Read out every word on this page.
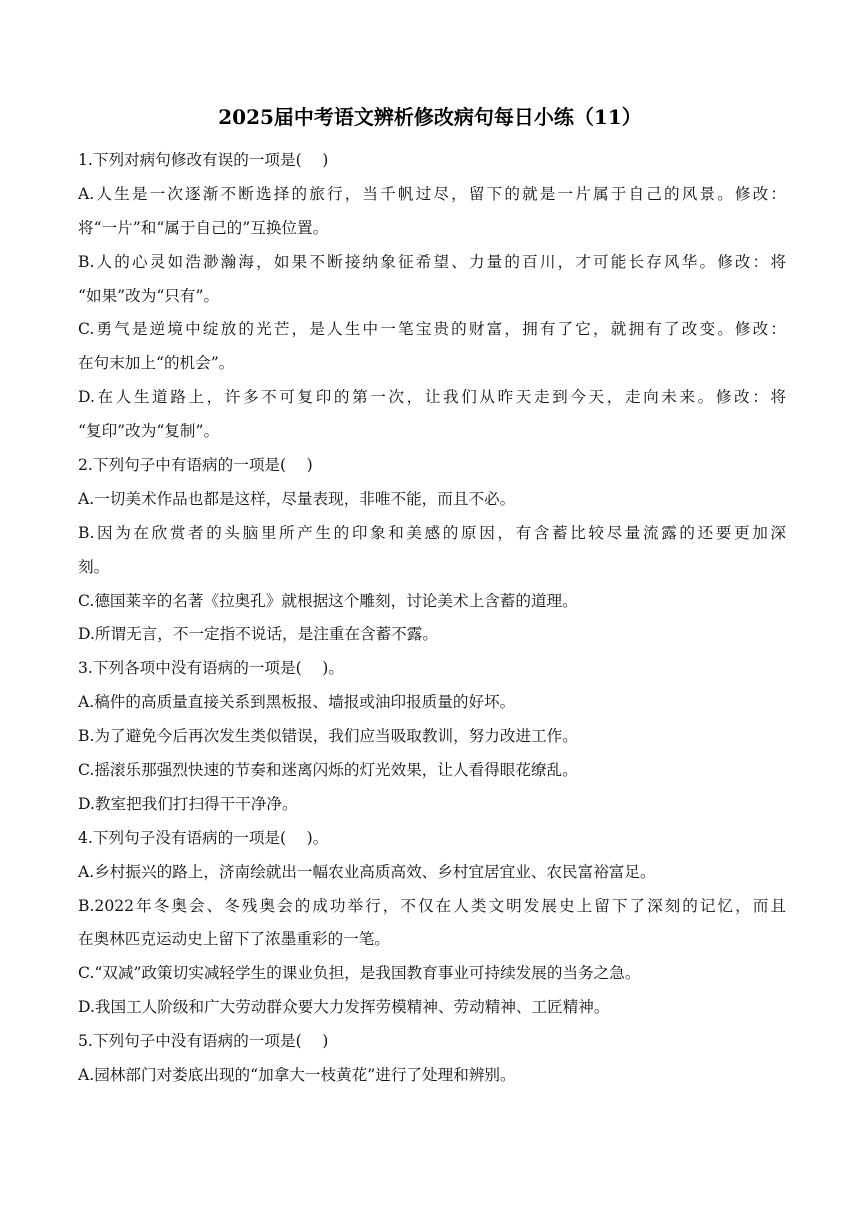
2025届中考语文辨析修改病句每日小练（11）
1.下列对病句修改有误的一项是(　 )
A.人生是一次逐渐不断选择的旅行，当千帆过尽，留下的就是一片属于自己的风景。修改：
将“一片”和“属于自己的”互换位置。
B.人的心灵如浩渺瀚海，如果不断接纳象征希望、力量的百川，才可能长存风华。修改：将
“如果”改为“只有”。
C.勇气是逆境中绽放的光芒，是人生中一笔宝贵的财富，拥有了它，就拥有了改变。修改：
在句末加上“的机会”。
D.在人生道路上，许多不可复印的第一次，让我们从昨天走到今天，走向未来。修改：将
“复印”改为“复制”。
2.下列句子中有语病的一项是(　 )
A.一切美术作品也都是这样，尽量表现，非唯不能，而且不必。
B.因为在欣赏者的头脑里所产生的印象和美感的原因，有含蓄比较尽量流露的还要更加深
刻。
C.德国莱辛的名著《拉奥孔》就根据这个雕刻，讨论美术上含蓄的道理。
D.所谓无言，不一定指不说话，是注重在含蓄不露。
3.下列各项中没有语病的一项是(　 )。
A.稿件的高质量直接关系到黑板报、墙报或油印报质量的好坏。
B.为了避免今后再次发生类似错误，我们应当吸取教训，努力改进工作。
C.摇滚乐那强烈快速的节奏和迷离闪烁的灯光效果，让人看得眼花缭乱。
D.教室把我们打扫得干干净净。
4.下列句子没有语病的一项是(　 )。
A.乡村振兴的路上，济南绘就出一幅农业高质高效、乡村宜居宜业、农民富裕富足。
B.2022年冬奥会、冬残奥会的成功举行，不仅在人类文明发展史上留下了深刻的记忆，而且
在奥林匹克运动史上留下了浓墨重彩的一笔。
C.“双减”政策切实减轻学生的课业负担，是我国教育事业可持续发展的当务之急。
D.我国工人阶级和广大劳动群众要大力发挥劳模精神、劳动精神、工匠精神。
5.下列句子中没有语病的一项是(　 )
A.园林部门对娄底出现的“加拿大一枝黄花”进行了处理和辨别。
